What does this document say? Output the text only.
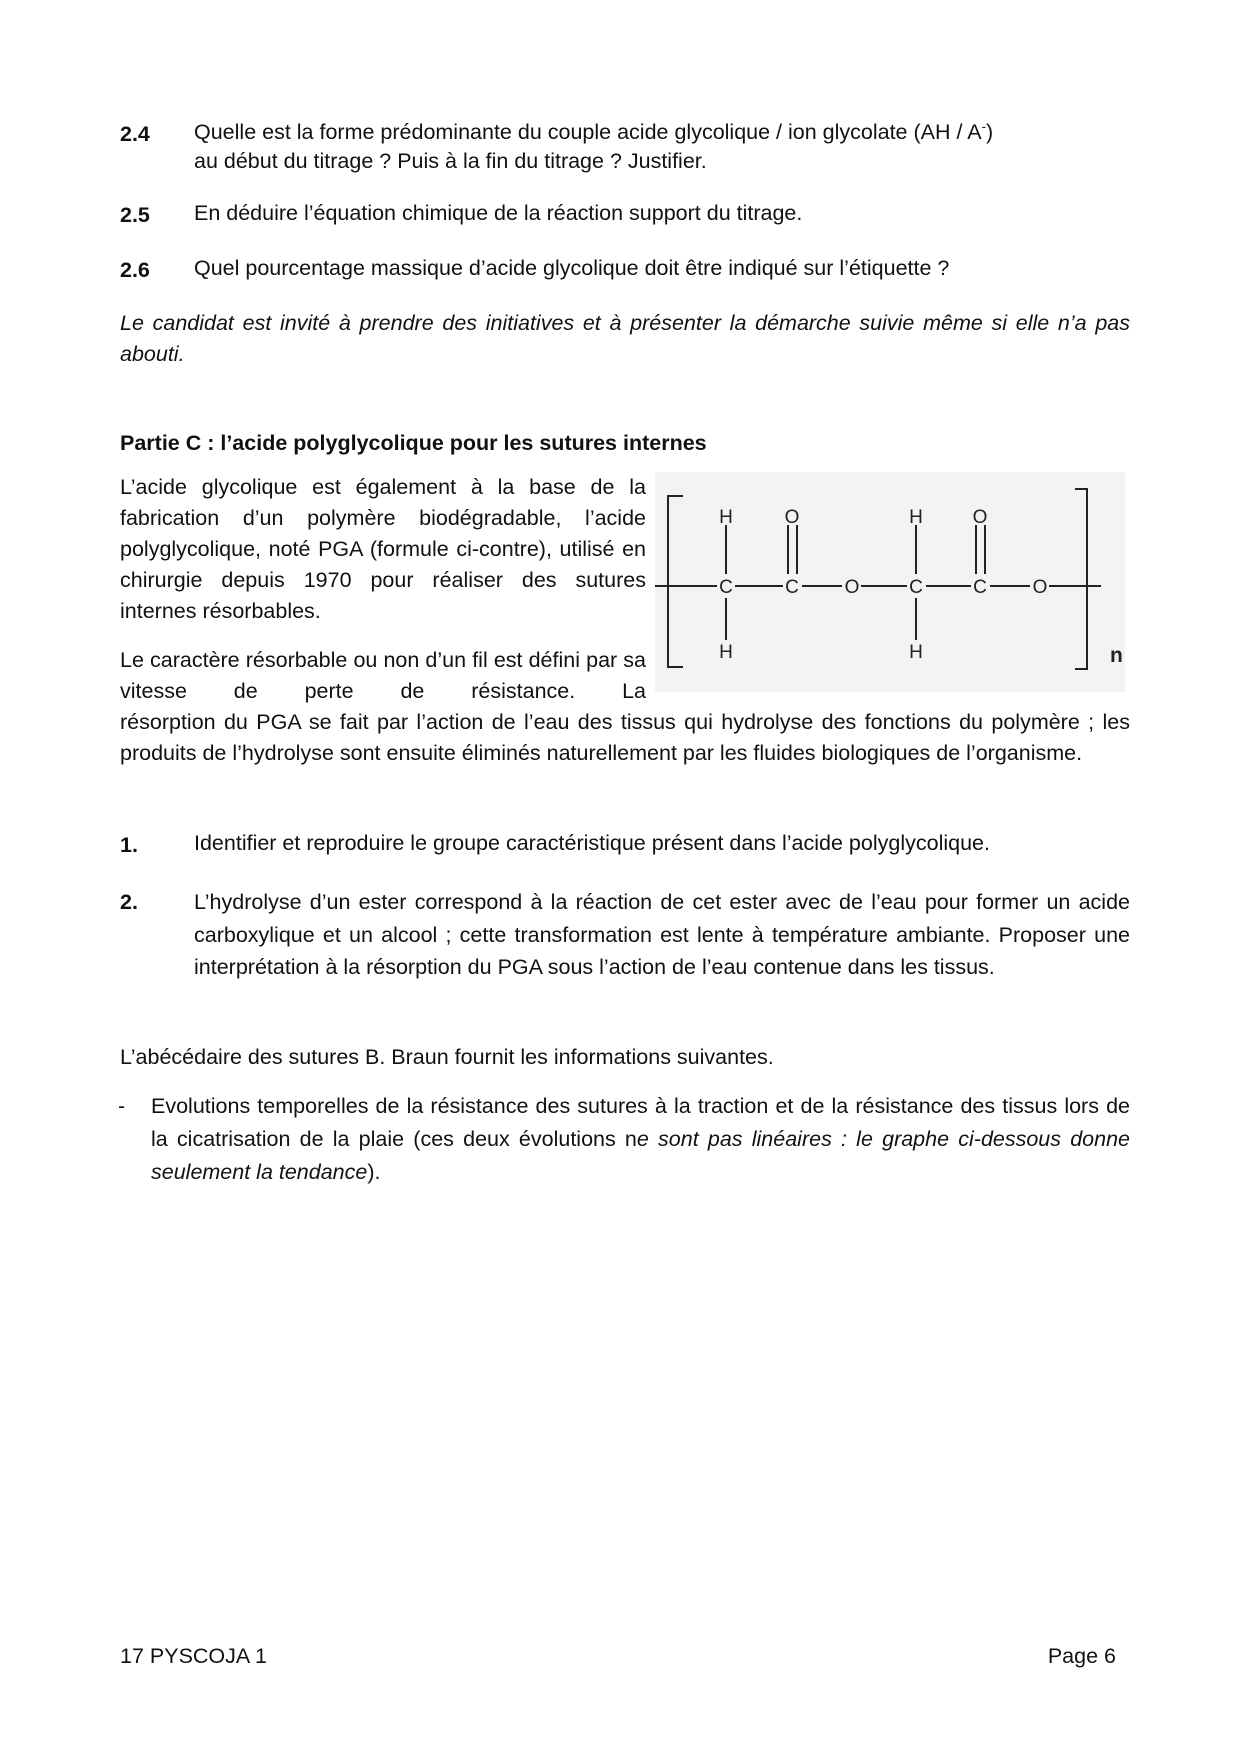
2.4 Quelle est la forme prédominante du couple acide glycolique / ion glycolate (AH / A-)
au début du titrage ? Puis à la fin du titrage ? Justifier.
2.5 En déduire l’équation chimique de la réaction support du titrage.
2.6 Quel pourcentage massique d’acide glycolique doit être indiqué sur l’étiquette ?
Le candidat est invité à prendre des initiatives et à présenter la démarche suivie même si elle n’a pas abouti.
Partie C : l’acide polyglycolique pour les sutures internes
L’acide glycolique est également à la base de la fabrication d’un polymère biodégradable, l’acide polyglycolique, noté PGA (formule ci-contre), utilisé en chirurgie depuis 1970 pour réaliser des sutures internes résorbables.
Le caractère résorbable ou non d’un fil est défini par sa vitesse de perte de résistance. La
résorption du PGA se fait par l’action de l’eau des tissus qui hydrolyse des fonctions du polymère ; les produits de l’hydrolyse sont ensuite éliminés naturellement par les fluides biologiques de l’organisme.
H	O	H	O
C	C O	C	C O
H	H	n
1.	Identifier et reproduire le groupe caractéristique présent dans l’acide polyglycolique.
2.	L’hydrolyse d’un ester correspond à la réaction de cet ester avec de l’eau pour former un acide carboxylique et un alcool ; cette transformation est lente à température ambiante. Proposer une interprétation à la résorption du PGA sous l’action de l’eau contenue dans les tissus.
L’abécédaire des sutures B. Braun fournit les informations suivantes.
- Evolutions temporelles de la résistance des sutures à la traction et de la résistance des tissus lors de la cicatrisation de la plaie (ces deux évolutions ne sont pas linéaires : le graphe ci-dessous donne seulement la tendance).
17 PYSCOJA 1	Page 6
